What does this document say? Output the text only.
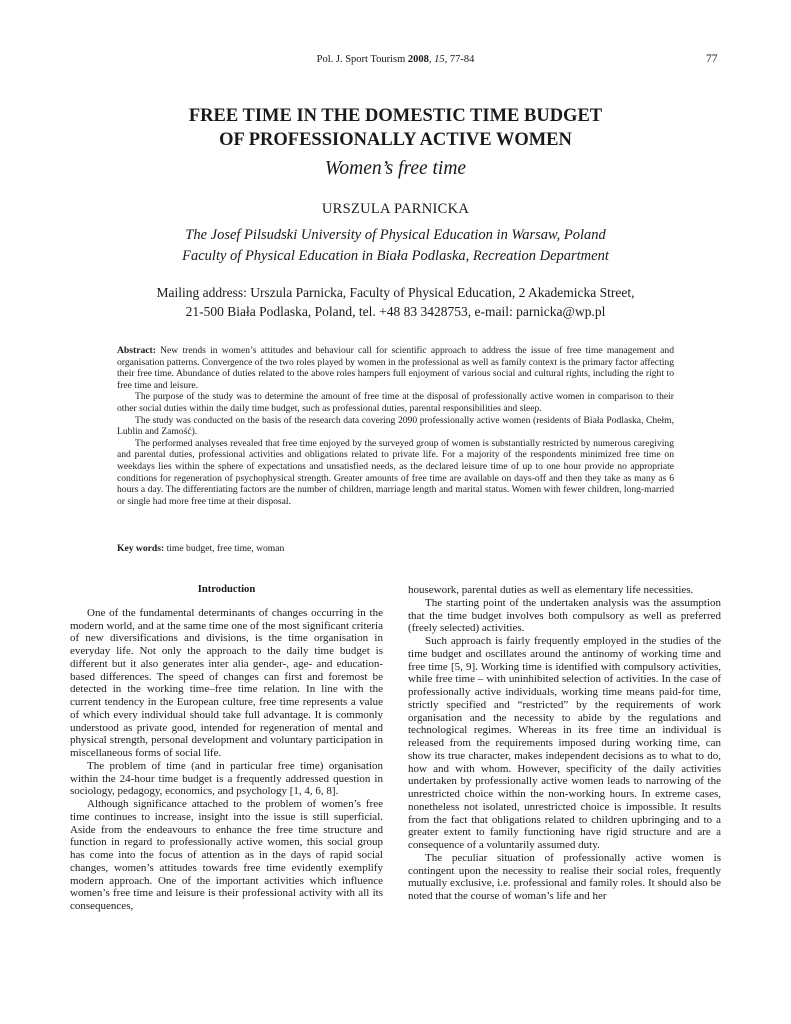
Pol. J. Sport Tourism 2008, 15, 77-84	77
FREE TIME IN THE DOMESTIC TIME BUDGET
OF PROFESSIONALLY ACTIVE WOMEN
Women’s free time
URSZULA PARNICKA
The Josef Pilsudski University of Physical Education in Warsaw, Poland
Faculty of Physical Education in Biała Podlaska, Recreation Department
Mailing address: Urszula Parnicka, Faculty of Physical Education, 2 Akademicka Street,
21-500 Biała Podlaska, Poland, tel. +48 83 3428753, e-mail: parnicka@wp.pl

Abstract: New trends in women’s attitudes and behaviour call for scientific approach to address the issue of free time management and organisation patterns. Convergence of the two roles played by women in the professional as well as family context is the primary factor affecting their free time. Abundance of duties related to the above roles hampers full enjoyment of various social and cultural rights, including the right to free time and leisure.

The purpose of the study was to determine the amount of free time at the disposal of professionally active women in comparison to their other social duties within the daily time budget, such as professional duties, parental responsibilities and sleep.

The study was conducted on the basis of the research data covering 2090 professionally active women (residents of Biała Podlaska, Chełm, Lublin and Zamość).

The performed analyses revealed that free time enjoyed by the surveyed group of women is substantially restricted by numerous caregiving and parental duties, professional activities and obligations related to private life. For a majority of the respondents minimized free time on weekdays lies within the sphere of expectations and unsatisfied needs, as the declared leisure time of up to one hour provide no appropriate conditions for regeneration of psychophysical strength. Greater amounts of free time are available on days-off and then they take as many as 6 hours a day. The differentiating factors are the number of children, marriage length and marital status. Women with fewer children, long-married or single had more free time at their disposal.

Key words: time budget, free time, woman
Introduction

One of the fundamental determinants of changes occurring in the modern world, and at the same time one of the most significant criteria of new diversifications and divisions, is the time organisation in everyday life. Not only the approach to the daily time budget is different but it also generates inter alia gender-, age- and education-based differences. The speed of changes can first and foremost be detected in the working time–free time relation. In line with the current tendency in the European culture, free time represents a value of which every individual should take full advantage. It is commonly understood as private good, intended for regeneration of mental and physical strength, personal development and voluntary participation in miscellaneous forms of social life.

The problem of time (and in particular free time) organisation within the 24-hour time budget is a frequently addressed question in sociology, pedagogy, economics, and psychology [1, 4, 6, 8].

Although significance attached to the problem of women’s free time continues to increase, insight into the issue is still superficial. Aside from the endeavours to enhance the free time structure and function in regard to professionally active women, this social group has come into the focus of attention as in the days of rapid social changes, women’s attitudes towards free time evidently exemplify modern approach. One of the important activities which influence women’s free time and leisure is their professional activity with all its consequences,

housework, parental duties as well as elementary life necessities.

The starting point of the undertaken analysis was the assumption that the time budget involves both compulsory as well as preferred (freely selected) activities.

Such approach is fairly frequently employed in the studies of the time budget and oscillates around the antinomy of working time and free time [5, 9]. Working time is identified with compulsory activities, while free time – with uninhibited selection of activities. In the case of professionally active individuals, working time means paid-for time, strictly specified and “restricted” by the requirements of work organisation and the necessity to abide by the regulations and technological regimes. Whereas in its free time an individual is released from the requirements imposed during working time, can show its true character, makes independent decisions as to what to do, how and with whom. However, specificity of the daily activities undertaken by professionally active women leads to narrowing of the unrestricted choice within the non-working hours. In extreme cases, nonetheless not isolated, unrestricted choice is impossible. It results from the fact that obligations related to children upbringing and to a greater extent to family functioning have rigid structure and are a consequence of a voluntarily assumed duty.

The peculiar situation of professionally active women is contingent upon the necessity to realise their social roles, frequently mutually exclusive, i.e. professional and family roles. It should also be noted that the course of woman’s life and her
